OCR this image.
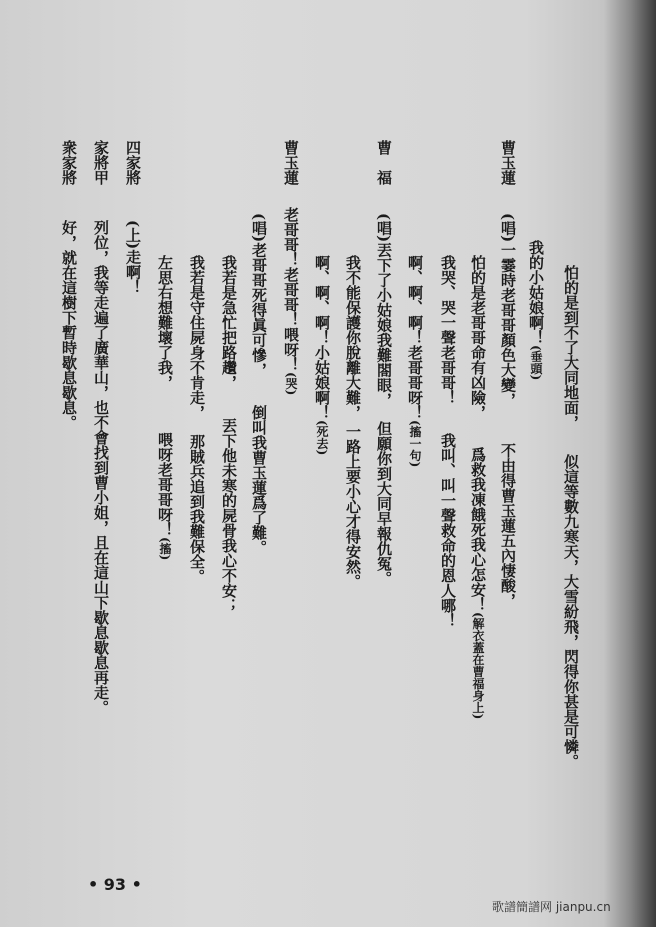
怕的是到不了大同地面，似這等數九寒天，大雪紛飛，閃得你甚是可憐。
我的小姑娘啊！(垂頭)
曹玉蓮
(唱)一霎時老哥哥顏色大變，不由得曹玉蓮五內悽酸，
怕的是老哥哥命有凶險，爲救我凍餓死我心怎安！(解衣蓋在曹福身上)
我哭、哭一聲老哥哥！我叫、叫一聲救命的恩人哪！
啊、啊、啊！老哥哥呀！(搐一句)
曹　福
(唱)丟下了小姑娘我難閤眼，但願你到大同早報仇冤。
我不能保護你脫離大難，一路上要小心才得安然。
啊、啊、啊！小姑娘啊！(死去)
曹玉蓮
老哥哥！老哥哥！喂呀！(哭)
(唱)老哥哥死得眞可慘，倒叫我曹玉蓮爲了難。
我若是急忙把路趲，丟下他未寒的屍骨我心不安；
我若是守住屍身不肯走，那賊兵追到我難保全。
左思右想難壞了我，喂呀老哥哥呀！(搐)
四家將
(上)走啊！
家將甲
列位，我等走遍了廣華山，也不會找到曹小姐，且在這山下歇息歇息再走。
衆家將
好，就在這樹下暫時歇息歇息。
• 93 •
歌譜簡譜网 jianpu.cn
